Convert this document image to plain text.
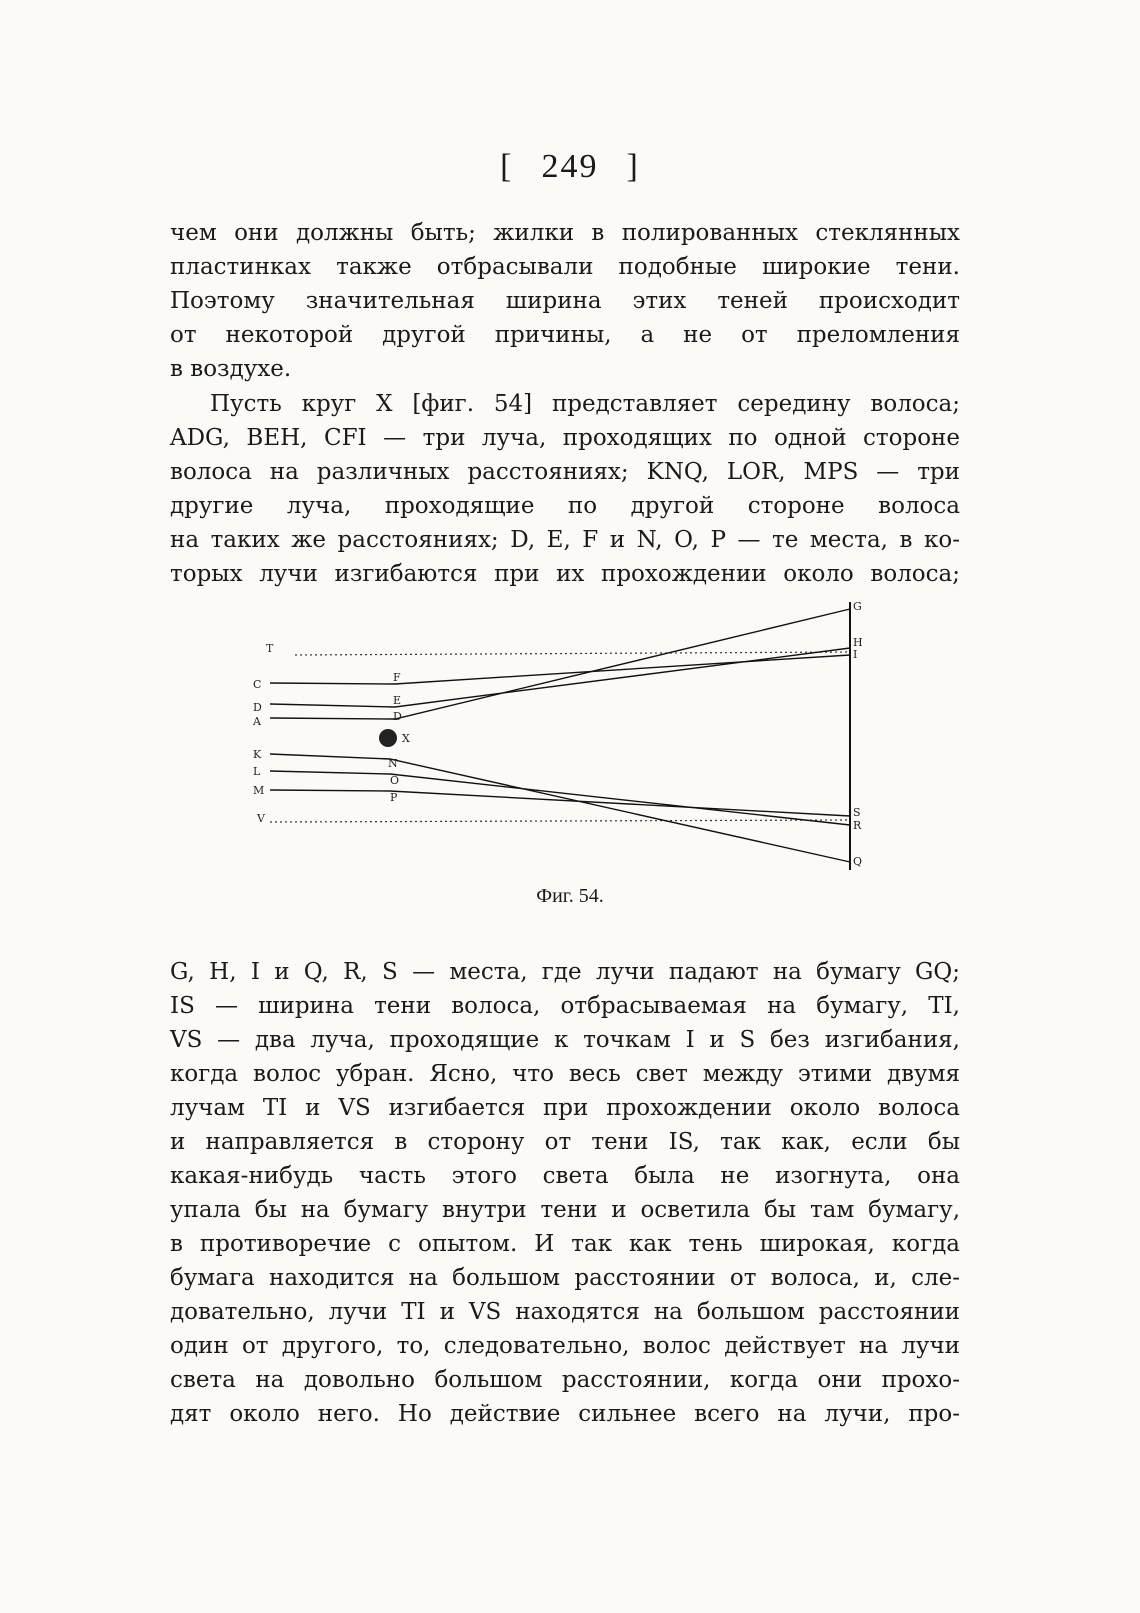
[ 249 ]
чем они должны быть; жилки в полированных стеклянных
пластинках также отбрасывали подобные широкие тени.
Поэтому значительная ширина этих теней происходит
от некоторой другой причины, а не от преломления
в воздухе.
Пусть круг X [фиг. 54] представляет середину волоса;
ADG, BEH, CFI — три луча, проходящих по одной стороне
волоса на различных расстояниях; KNQ, LOR, MPS — три
другие луча, проходящие по другой стороне волоса
на таких же расстояниях; D, E, F и N, O, P — те места, в ко-
торых лучи изгибаются при их прохождении около волоса;
T
C
D
A
K
L
M
V
F
E
D
X
N
O
P
G
H
I
S
R
Q
Фиг. 54.
G, H, I и Q, R, S — места, где лучи падают на бумагу GQ;
IS — ширина тени волоса, отбрасываемая на бумагу, TI,
VS — два луча, проходящие к точкам I и S без изгибания,
когда волос убран. Ясно, что весь свет между этими двумя
лучам TI и VS изгибается при прохождении около волоса
и направляется в сторону от тени IS, так как, если бы
какая-нибудь часть этого света была не изогнута, она
упала бы на бумагу внутри тени и осветила бы там бумагу,
в противоречие с опытом. И так как тень широкая, когда
бумага находится на большом расстоянии от волоса, и, сле-
довательно, лучи TI и VS находятся на большом расстоянии
один от другого, то, следовательно, волос действует на лучи
света на довольно большом расстоянии, когда они прохо-
дят около него. Но действие сильнее всего на лучи, про-
